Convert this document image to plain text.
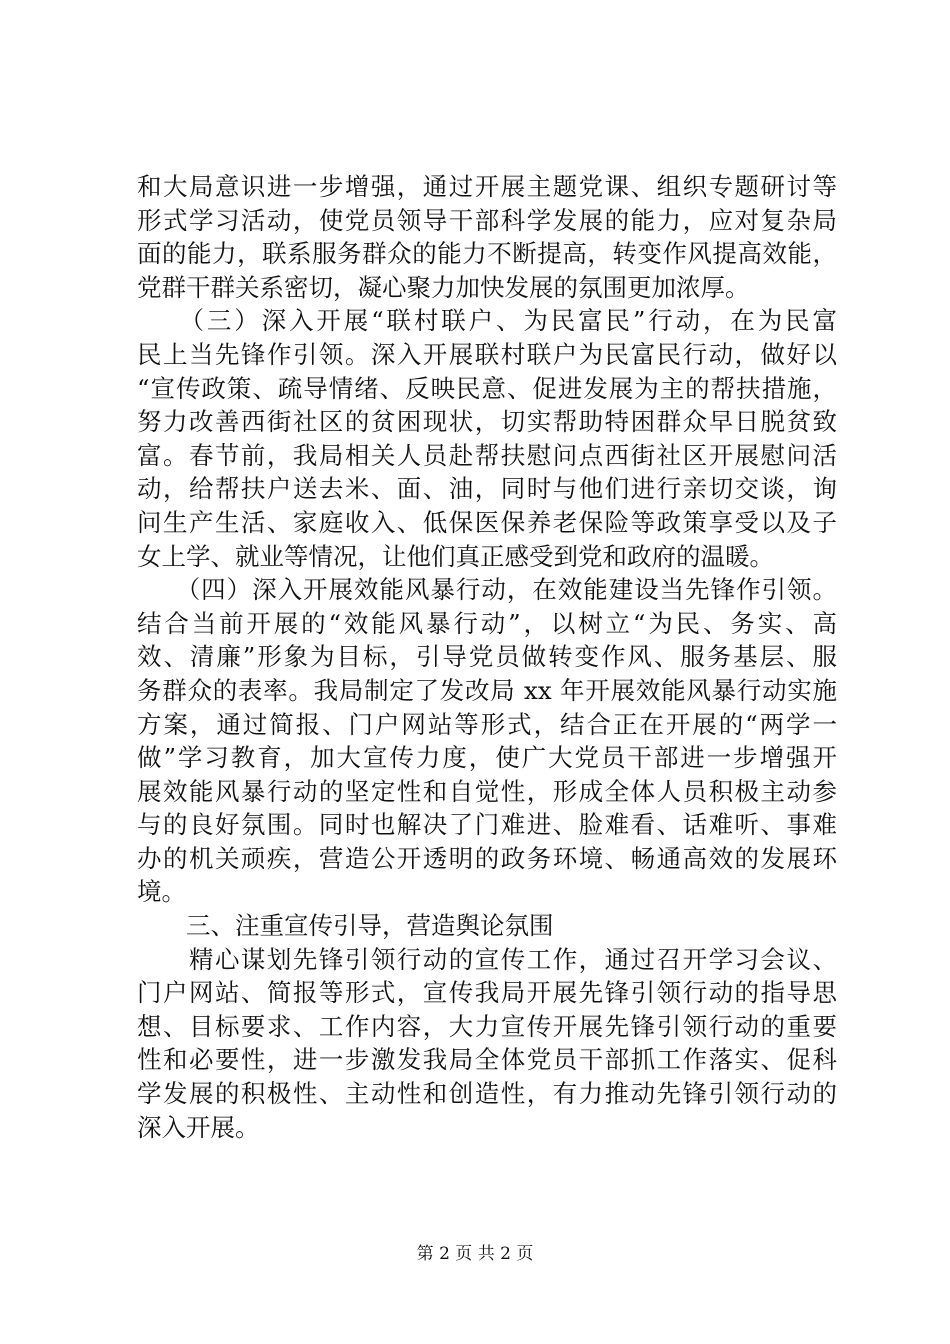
和大局意识进一步增强，通过开展主题党课、组织专题研讨等
形式学习活动，使党员领导干部科学发展的能力，应对复杂局
面的能力，联系服务群众的能力不断提高，转变作风提高效能，
党群干群关系密切，凝心聚力加快发展的氛围更加浓厚。
　　（三）深入开展“联村联户、为民富民”行动，在为民富
民上当先锋作引领。深入开展联村联户为民富民行动，做好以
“宣传政策、疏导情绪、反映民意、促进发展为主的帮扶措施，
努力改善西街社区的贫困现状，切实帮助特困群众早日脱贫致
富。春节前，我局相关人员赴帮扶慰问点西街社区开展慰问活
动，给帮扶户送去米、面、油，同时与他们进行亲切交谈，询
问生产生活、家庭收入、低保医保养老保险等政策享受以及子
女上学、就业等情况，让他们真正感受到党和政府的温暖。
　　（四）深入开展效能风暴行动，在效能建设当先锋作引领。
结合当前开展的“效能风暴行动”，以树立“为民、务实、高
效、清廉”形象为目标，引导党员做转变作风、服务基层、服
务群众的表率。我局制定了发改局 xx 年开展效能风暴行动实施
方案，通过简报、门户网站等形式，结合正在开展的“两学一
做”学习教育，加大宣传力度，使广大党员干部进一步增强开
展效能风暴行动的坚定性和自觉性，形成全体人员积极主动参
与的良好氛围。同时也解决了门难进、脸难看、话难听、事难
办的机关顽疾，营造公开透明的政务环境、畅通高效的发展环
境。
　　三、注重宣传引导，营造舆论氛围
　　精心谋划先锋引领行动的宣传工作，通过召开学习会议、
门户网站、简报等形式，宣传我局开展先锋引领行动的指导思
想、目标要求、工作内容，大力宣传开展先锋引领行动的重要
性和必要性，进一步激发我局全体党员干部抓工作落实、促科
学发展的积极性、主动性和创造性，有力推动先锋引领行动的
深入开展。
第 2 页 共 2 页
